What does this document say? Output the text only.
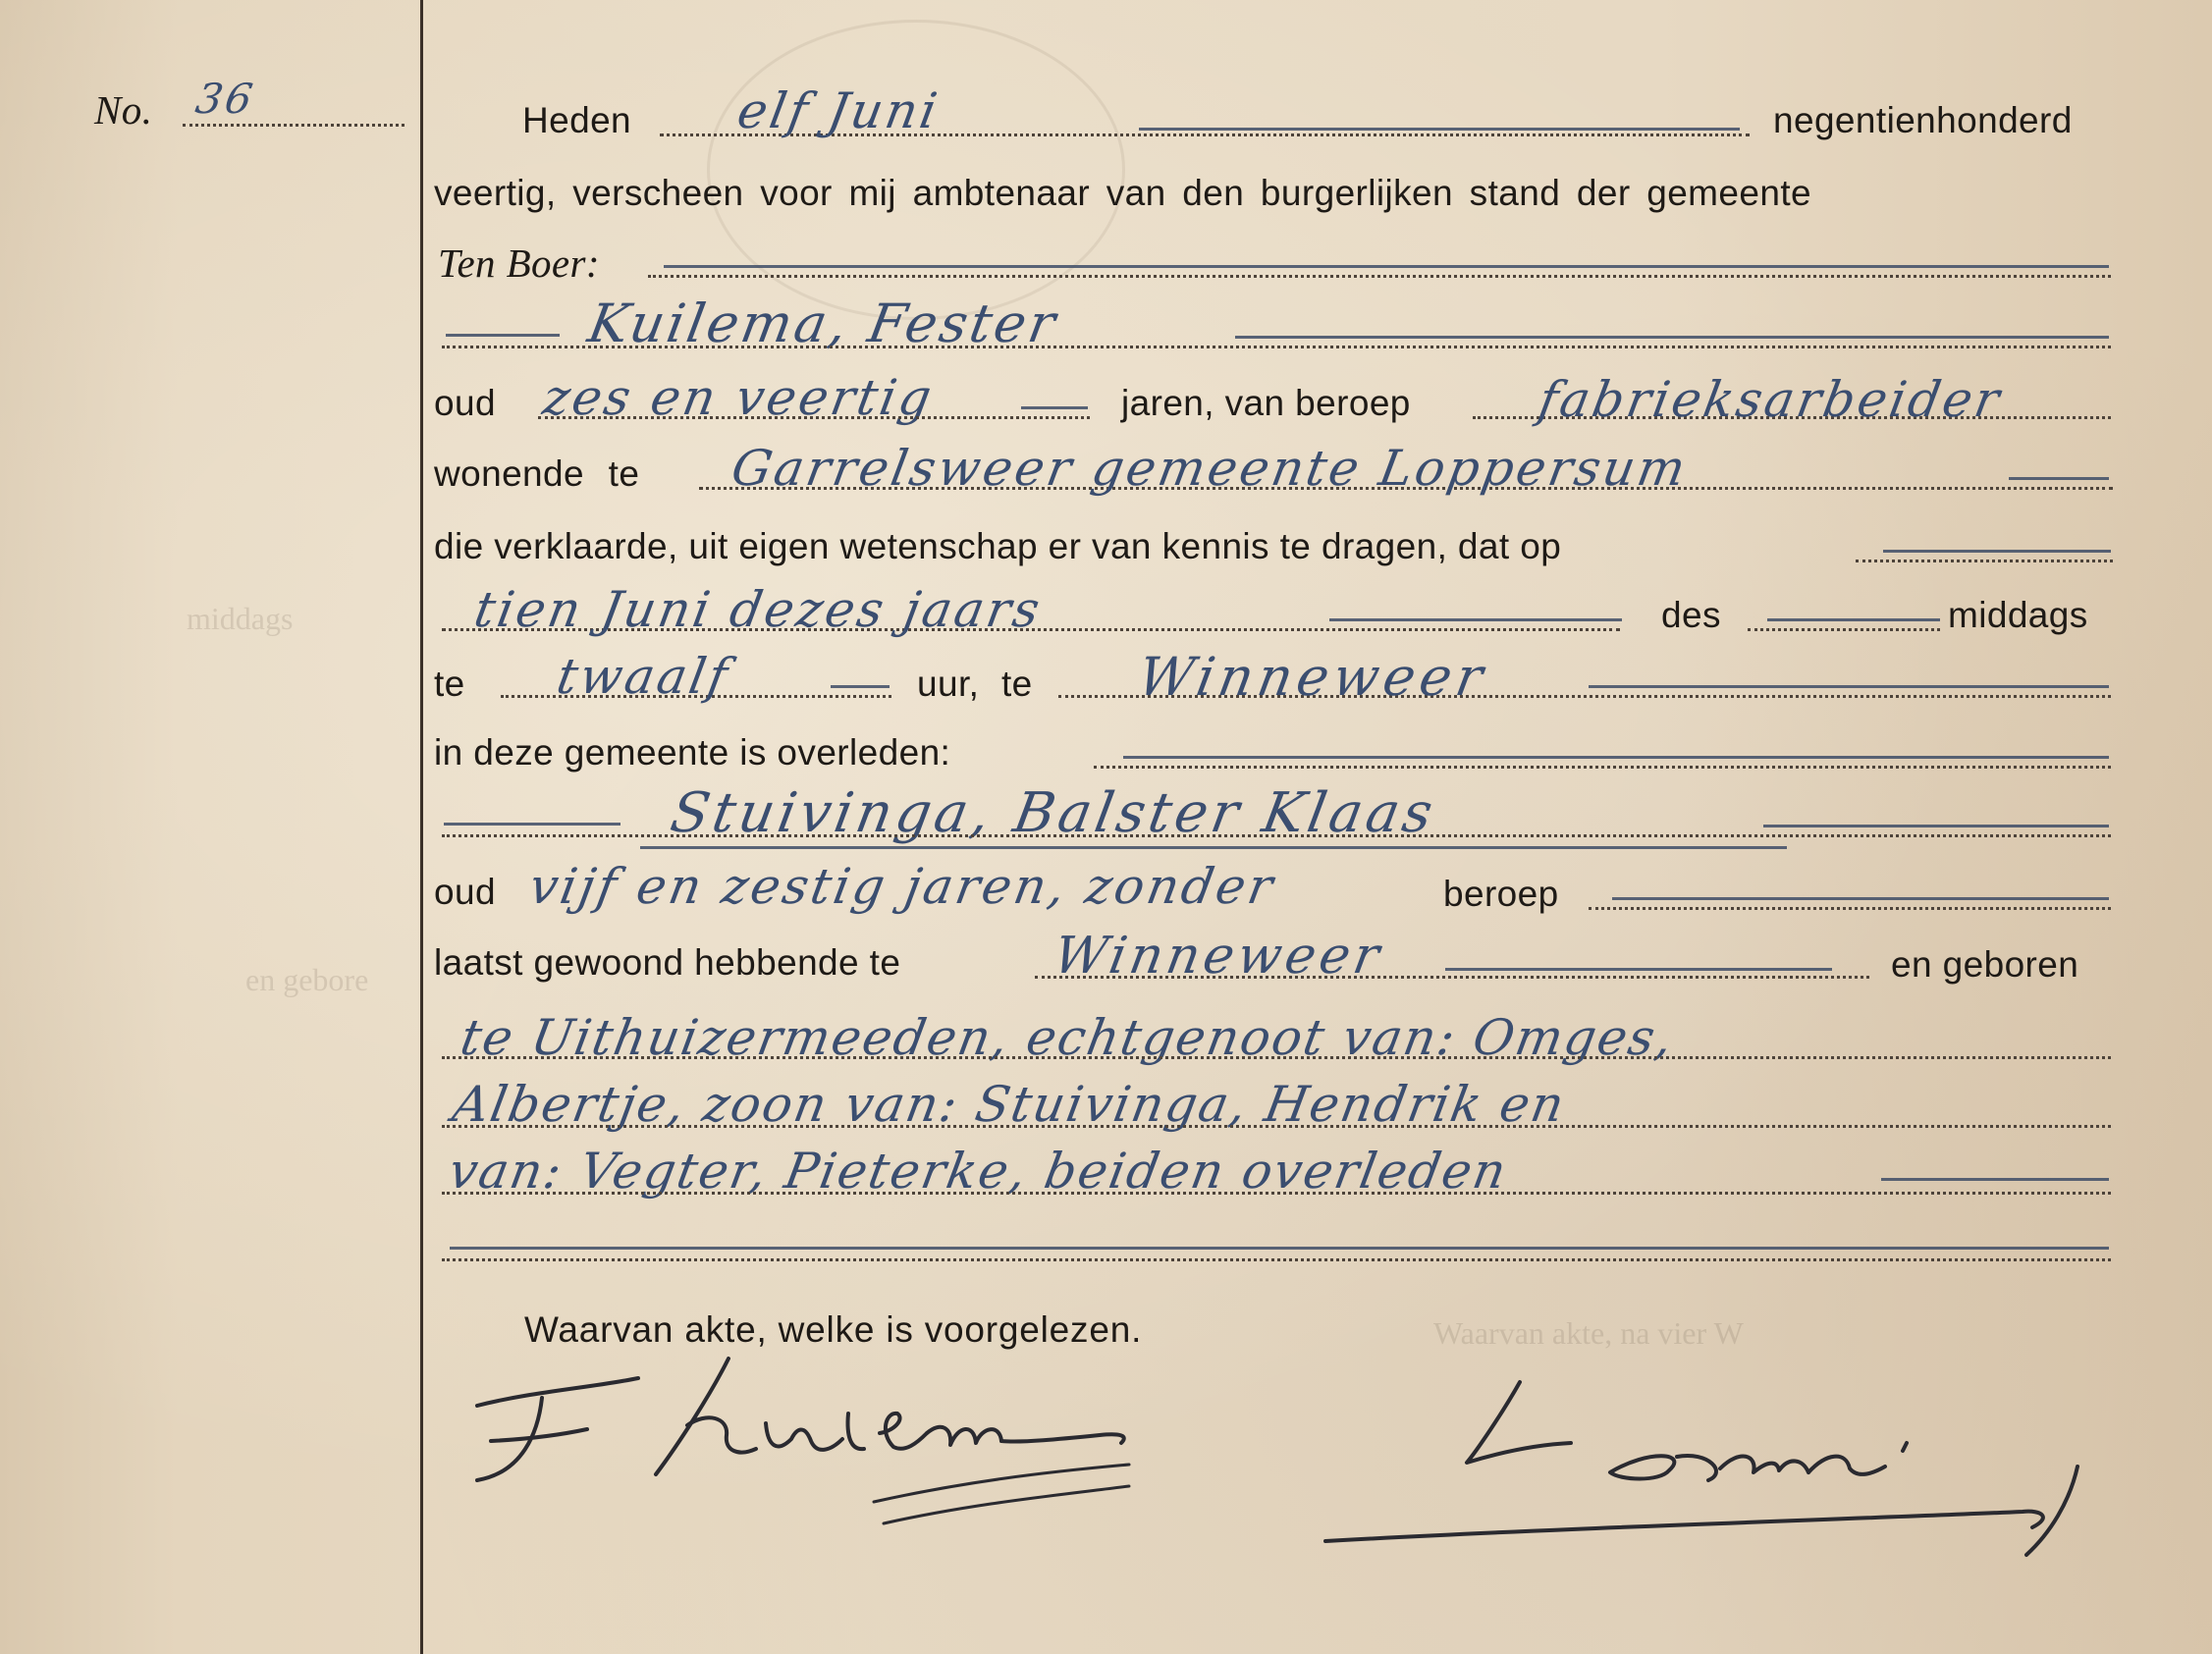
middags
en gebore
Waarvan akte, na vier W
No. 36	Heden elf Juni	negentienhonderd
veertig, verscheen voor mij ambtenaar van den burgerlijken stand der gemeente
Ten Boer:
Kuilema, Fester
oud zes en veertig	jaren, van beroep	fabrieksarbeider
wonende te Garrelsweer gemeente Loppersum
die verklaarde, uit eigen wetenschap er van kennis te dragen, dat op
tien Juni dezes jaars	des	middags
te twaalf	uur, te Winneweer
in deze gemeente is overleden:
Stuivinga, Balster Klaas
oud vijf en zestig jaren, zonder	beroep
laatst gewoond hebbende te	Winneweer	en geboren
te Uithuizermeeden, echtgenoot van: Omges,
Albertje, zoon van: Stuivinga, Hendrik en
van: Vegter, Pieterke, beiden overleden
Waarvan akte, welke is voorgelezen.
